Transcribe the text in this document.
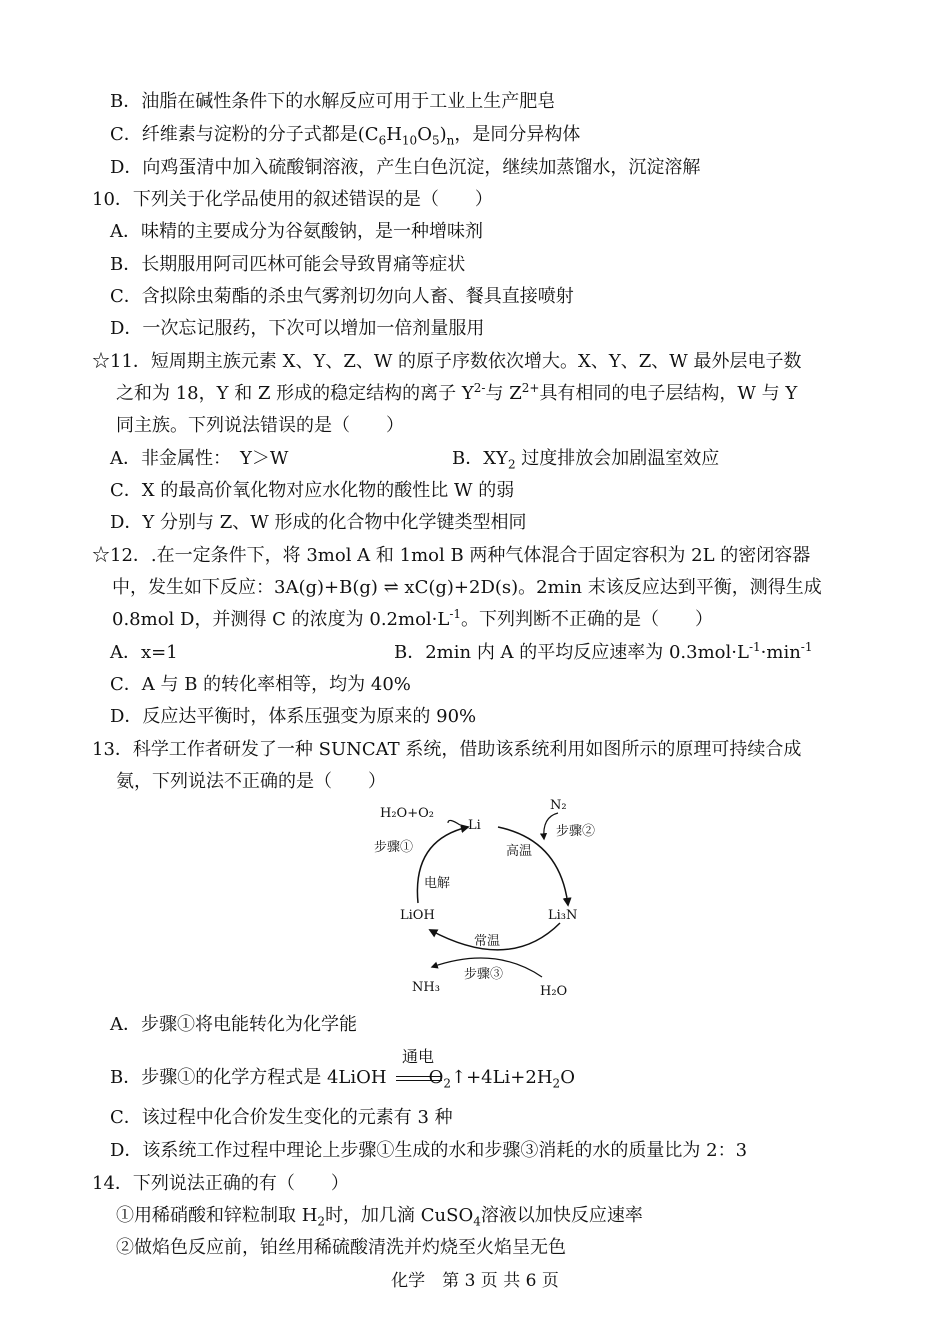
B．油脂在碱性条件下的水解反应可用于工业上生产肥皂
C．纤维素与淀粉的分子式都是$(C_6H_{10}O_5)_n$，是同分异构体
D．向鸡蛋清中加入硫酸铜溶液，产生白色沉淀，继续加蒸馏水，沉淀溶解
10．下列关于化学品使用的叙述错误的是（　　）
A．味精的主要成分为谷氨酸钠，是一种增味剂
B．长期服用阿司匹林可能会导致胃痛等症状
C．含拟除虫菊酯的杀虫气雾剂切勿向人畜、餐具直接喷射
D．一次忘记服药，下次可以增加一倍剂量服用
☆11．短周期主族元素 X、Y、Z、W 的原子序数依次增大。X、Y、Z、W 最外层电子数
之和为 18，Y 和 Z 形成的稳定结构的离子 $Y^{2-}$与 $Z^{2+}$具有相同的电子层结构，W 与 Y
同主族。下列说法错误的是（　　）
A．非金属性：　Y＞W	B．$XY_2$ 过度排放会加剧温室效应
C．X 的最高价氧化物对应水化物的酸性比 W 的弱
D．Y 分别与 Z、W 形成的化合物中化学键类型相同
☆12．.在一定条件下，将 3mol A 和 1mol B 两种气体混合于固定容积为 2L 的密闭容器
中，发生如下反应：3A(g)+B(g) ⇌ xC(g)+2D(s)。2min 末该反应达到平衡，测得生成
0.8mol D，并测得 C 的浓度为 $0.2mol\cdot L^{-1}$。下列判断不正确的是（　　）
A．x=1	B．2min 内 A 的平均反应速率为 $0.3mol\cdot L^{-1}\cdot\min^{-1}$
C．A 与 B 的转化率相等，均为 40%
D．反应达平衡时，体系压强变为原来的 90%
13．科学工作者研发了一种 SUNCAT 系统，借助该系统利用如图所示的原理可持续合成
氨，下列说法不正确的是（　　）
H₂O+O₂
Li
N₂
步骤①
步骤②
高温
电解
LiOH	Li₃N
常温
步骤③
NH₃	H₂O
A．步骤①将电能转化为化学能
通电
B．步骤①的化学方程式是 4LiOH $O_2↑+4Li+2H_2O$
C．该过程中化合价发生变化的元素有 3 种
D．该系统工作过程中理论上步骤①生成的水和步骤③消耗的水的质量比为 2：3
14．下列说法正确的有（　　）
①用稀硝酸和锌粒制取 $H_2$时，加几滴 CuSO$_4$溶液以加快反应速率
②做焰色反应前，铂丝用稀硫酸清洗并灼烧至火焰呈无色
化学　第 3 页 共 6 页
